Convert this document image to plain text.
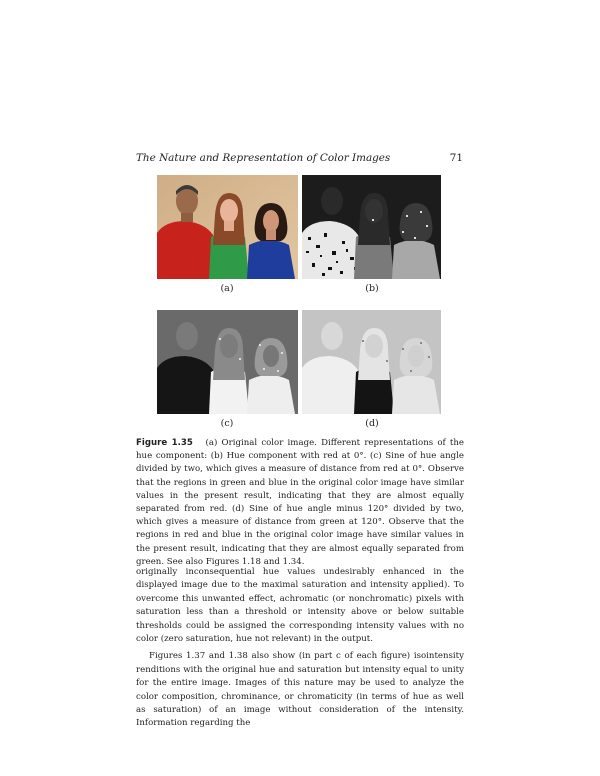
The Nature and Representation of Color Images	71
(a)	(b)
(c)	(d)
Figure 1.35 (a) Original color image. Different representations of the hue component: (b) Hue component with red at 0°. (c) Sine of hue angle divided by two, which gives a measure of distance from red at 0°. Observe that the regions in green and blue in the original color image have similar values in the present result, indicating that they are almost equally separated from red. (d) Sine of hue angle minus 120° divided by two, which gives a measure of distance from green at 120°. Observe that the regions in red and blue in the original color image have similar values in the present result, indicating that they are almost equally separated from green. See also Figures 1.18 and 1.34.

originally inconsequential hue values undesirably enhanced in the displayed image due to the maximal saturation and intensity applied). To overcome this unwanted effect, achromatic (or nonchromatic) pixels with saturation less than a threshold or intensity above or below suitable thresholds could be assigned the corresponding intensity values with no color (zero saturation, hue not relevant) in the output.

Figures 1.37 and 1.38 also show (in part c of each figure) isointensity renditions with the original hue and saturation but intensity equal to unity for the entire image. Images of this nature may be used to analyze the color composition, chrominance, or chromaticity (in terms of hue as well as saturation) of an image without consideration of the intensity. Information regarding the
